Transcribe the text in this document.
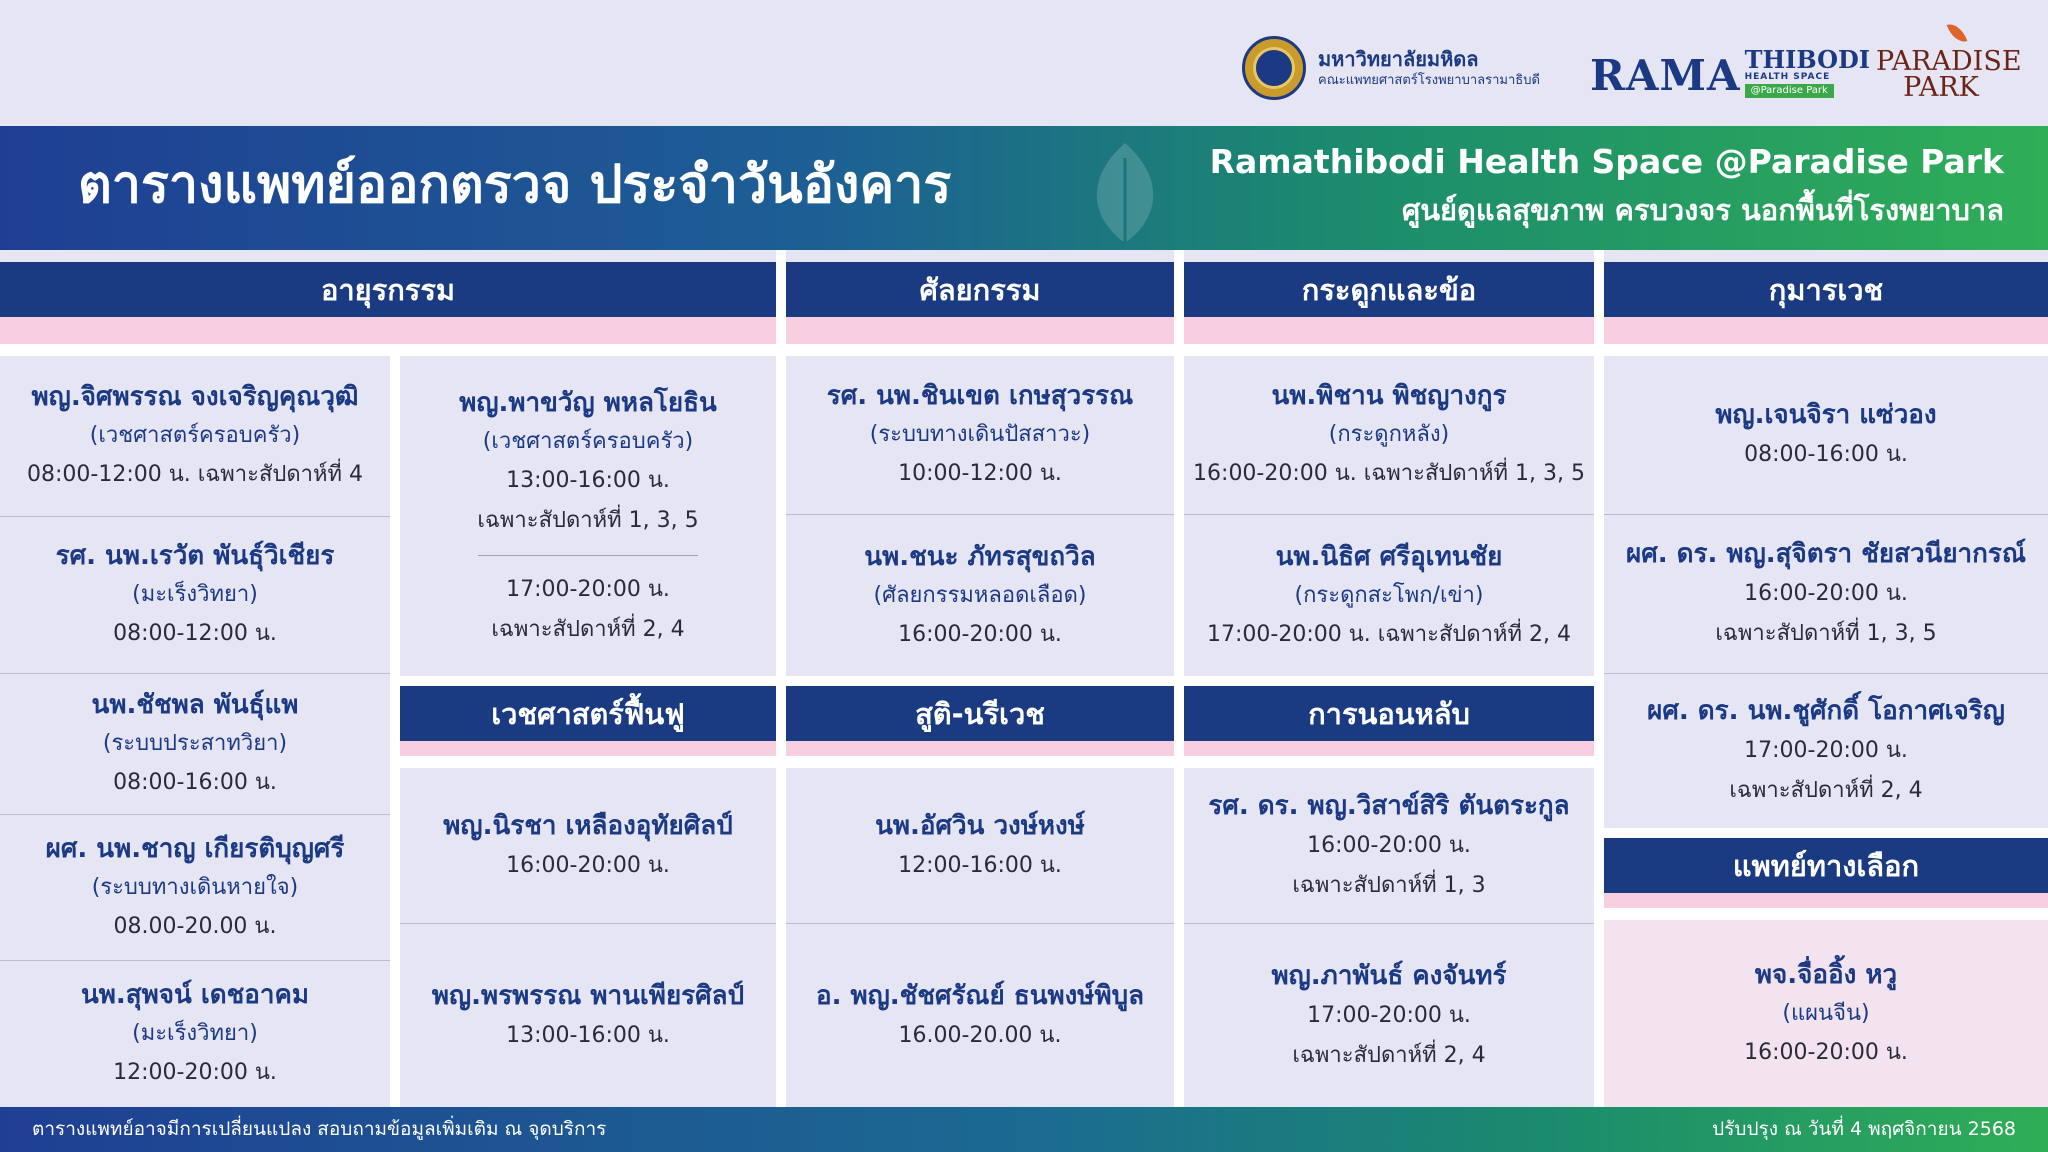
มหาวิทยาลัยมหิดล
คณะแพทยศาสตร์โรงพยาบาลรามาธิบดี RAMA THIBODI
HEALTH SPACE
@Paradise Park
PARADISE
PARK
ตารางแพทย์ออกตรวจ ประจำวันอังคาร	Ramathibodi Health Space @Paradise Park
ศูนย์ดูแลสุขภาพ ครบวงจร นอกพื้นที่โรงพยาบาล
อายุรกรรม	ศัลยกรรม	กระดูกและข้อ	กุมารเวช
เวชศาสตร์ฟื้นฟู	สูติ-นรีเวช	การนอนหลับ
แพทย์ทางเลือก
พญ.จิศพรรณ จงเจริญคุณวุฒิ
(เวชศาสตร์ครอบครัว)
08:00-12:00 น. เฉพาะสัปดาห์ที่ 4
รศ. นพ.เรวัต พันธุ์วิเชียร
(มะเร็งวิทยา)
08:00-12:00 น.
นพ.ชัชพล พันธุ์แพ
(ระบบประสาทวิยา)
08:00-16:00 น.
ผศ. นพ.ชาญ เกียรติบุญศรี
(ระบบทางเดินหายใจ)
08.00-20.00 น.
นพ.สุพจน์ เดชอาคม
(มะเร็งวิทยา)
12:00-20:00 น.
พญ.พาขวัญ พหลโยธิน
(เวชศาสตร์ครอบครัว)
13:00-16:00 น.
เฉพาะสัปดาห์ที่ 1, 3, 5
17:00-20:00 น.
เฉพาะสัปดาห์ที่ 2, 4
พญ.นิรชา เหลืองอุทัยศิลป์
16:00-20:00 น.
พญ.พรพรรณ พานเพียรศิลป์
13:00-16:00 น.
รศ. นพ.ชินเขต เกษสุวรรณ
(ระบบทางเดินปัสสาวะ)
10:00-12:00 น.
นพ.ชนะ ภัทรสุขถวิล
(ศัลยกรรมหลอดเลือด)
16:00-20:00 น.
นพ.อัศวิน วงษ์หงษ์
12:00-16:00 น.
อ. พญ.ชัชศรัณย์ ธนพงษ์พิบูล
16.00-20.00 น.
นพ.พิชาน พิชญางกูร
(กระดูกหลัง)
16:00-20:00 น. เฉพาะสัปดาห์ที่ 1, 3, 5
นพ.นิธิศ ศรีอุเทนชัย
(กระดูกสะโพก/เข่า)
17:00-20:00 น. เฉพาะสัปดาห์ที่ 2, 4
รศ. ดร. พญ.วิสาข์สิริ ตันตระกูล
16:00-20:00 น.
เฉพาะสัปดาห์ที่ 1, 3
พญ.ภาพันธ์ คงจันทร์
17:00-20:00 น.
เฉพาะสัปดาห์ที่ 2, 4
พญ.เจนจิรา แซ่วอง
08:00-16:00 น.
ผศ. ดร. พญ.สุจิตรา ชัยสวนียากรณ์
16:00-20:00 น.
เฉพาะสัปดาห์ที่ 1, 3, 5
ผศ. ดร. นพ.ชูศักดิ์ โอกาศเจริญ
17:00-20:00 น.
เฉพาะสัปดาห์ที่ 2, 4
พจ.จื่ออิ้ง หวู
(แผนจีน)
16:00-20:00 น.
ตารางแพทย์อาจมีการเปลี่ยนแปลง สอบถามข้อมูลเพิ่มเติม ณ จุดบริการ	ปรับปรุง ณ วันที่ 4 พฤศจิกายน 2568
